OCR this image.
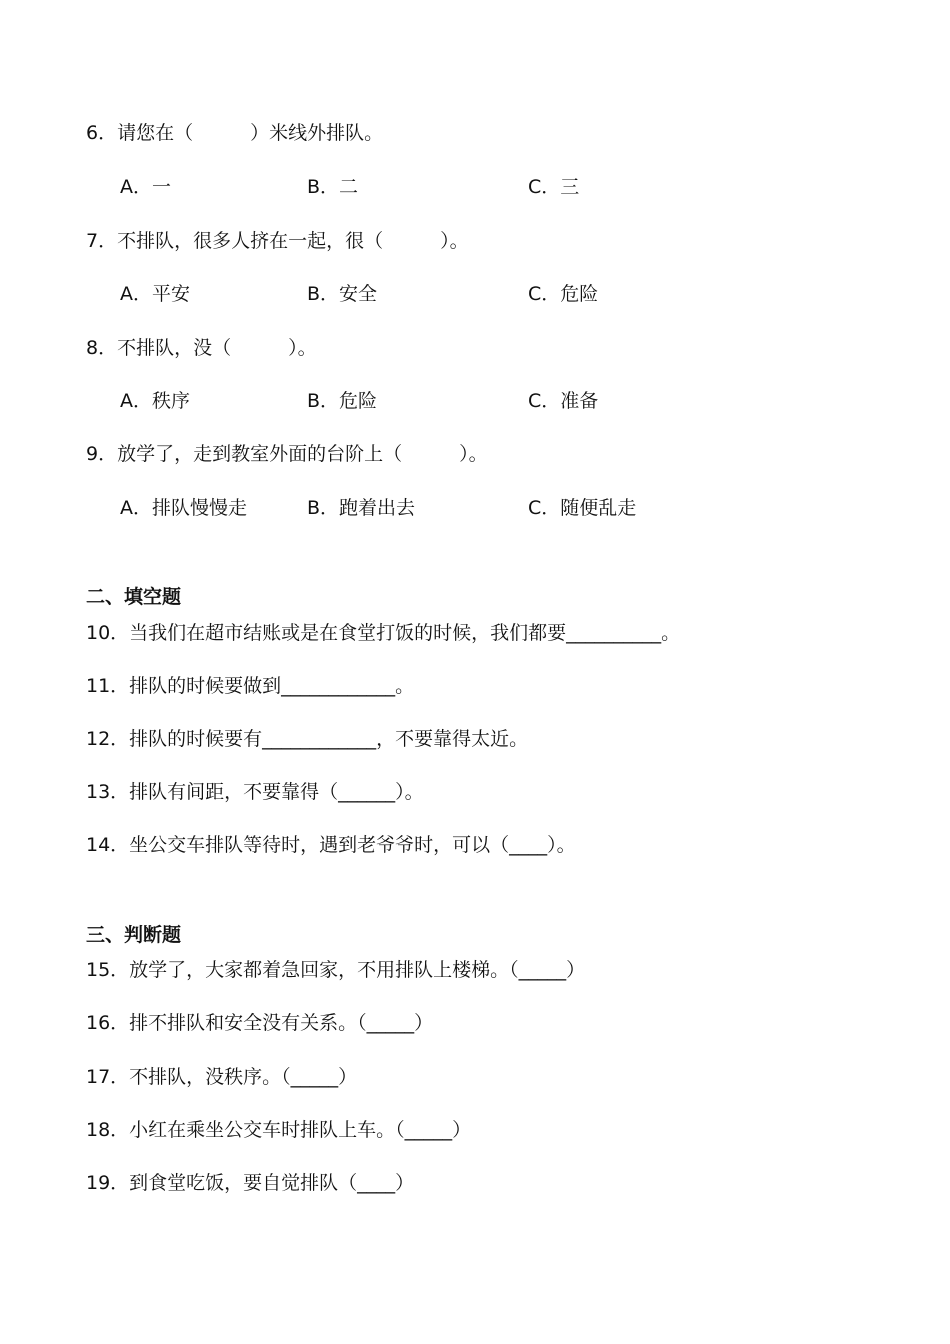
6．请您在（　　　）米线外排队。
A．一	B．二	C．三
7．不排队，很多人挤在一起，很（　　　）。
A．平安	B．安全	C．危险
8．不排队，没（　　　）。
A．秩序	B．危险	C．准备
9．放学了，走到教室外面的台阶上（　　　）。
A．排队慢慢走	B．跑着出去	C．随便乱走
二、填空题
10．当我们在超市结账或是在食堂打饭的时候，我们都要__________。
11．排队的时候要做到____________。
12．排队的时候要有____________，不要靠得太近。
13．排队有间距，不要靠得（______）。
14．坐公交车排队等待时，遇到老爷爷时，可以（____）。
三、判断题
15．放学了，大家都着急回家，不用排队上楼梯。（_____）
16．排不排队和安全没有关系。（_____）
17．不排队，没秩序。（_____）
18．小红在乘坐公交车时排队上车。（_____）
19．到食堂吃饭，要自觉排队（____）
